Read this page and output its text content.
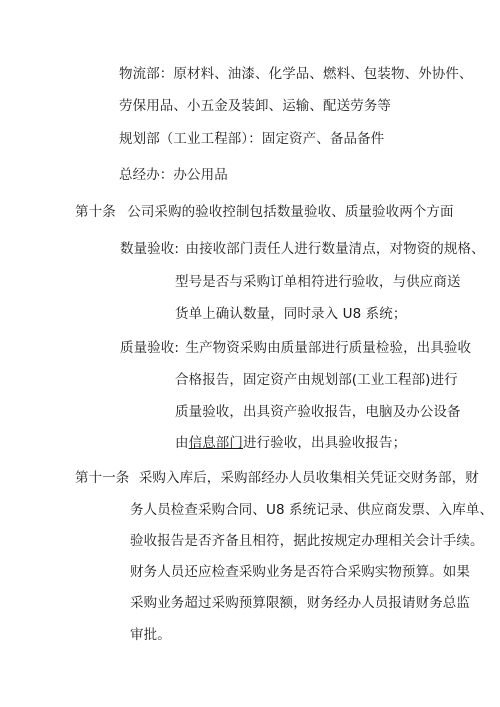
物流部：原材料、油漆、化学品、燃料、包装物、外协件、
劳保用品、小五金及装卸、运输、配送劳务等
规划部（工业工程部）：固定资产、备品备件
总经办：办公用品
第十条 公司采购的验收控制包括数量验收、质量验收两个方面
数量验收: 由接收部门责任人进行数量清点，对物资的规格、
型号是否与采购订单相符进行验收，与供应商送
货单上确认数量，同时录入 U8 系统；
质量验收: 生产物资采购由质量部进行质量检验，出具验收
合格报告，固定资产由规划部(工业工程部)进行
质量验收，出具资产验收报告，电脑及办公设备
由信息部门进行验收，出具验收报告；
第十一条 采购入库后，采购部经办人员收集相关凭证交财务部，财
务人员检查采购合同、U8 系统记录、供应商发票、入库单、
验收报告是否齐备且相符，据此按规定办理相关会计手续。
财务人员还应检查采购业务是否符合采购实物预算。如果
采购业务超过采购预算限额，财务经办人员报请财务总监
审批。
